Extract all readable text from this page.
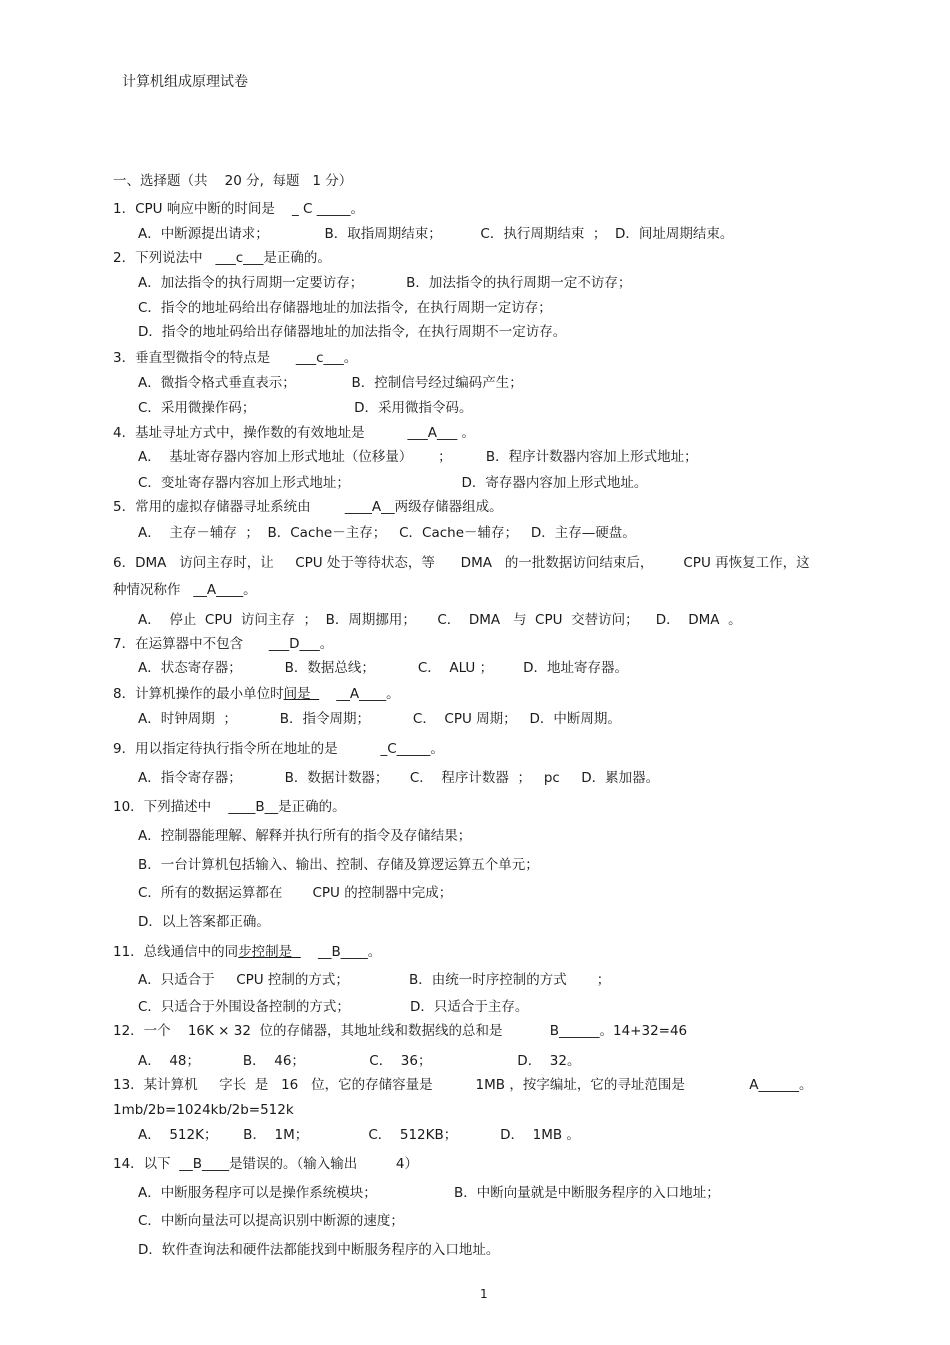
计算机组成原理试卷
一、选择题（共    20 分,  每题   1 分）
1．CPU 响应中断的时间是    _ C _____。
A．中断源提出请求；             B．取指周期结束；         C．执行周期结束  ；  D．间址周期结束。
2．下列说法中   ___c___是正确的。
A．加法指令的执行周期一定要访存；          B．加法指令的执行周期一定不访存；
C．指令的地址码给出存储器地址的加法指令,  在执行周期一定访存；
D．指令的地址码给出存储器地址的加法指令,  在执行周期不一定访存。
3．垂直型微指令的特点是      ___c___。
A．微指令格式垂直表示；             B．控制信号经过编码产生；
C．采用微操作码；                       D．采用微指令码。
4．基址寻址方式中，操作数的有效地址是          ___A___ 。
A．  基址寄存器内容加上形式地址（位移量）      ；        B．程序计数器内容加上形式地址；
C．变址寄存器内容加上形式地址；                          D．寄存器内容加上形式地址。
5．常用的虚拟存储器寻址系统由        ____A__两级存储器组成。
A．  主存－辅存  ；  B．Cache－主存；   C．Cache－辅存；   D．主存—硬盘。
6．DMA   访问主存时，让     CPU 处于等待状态，等      DMA   的一批数据访问结束后，       CPU 再恢复工作，这
种情况称作   __A____。
A．  停止  CPU  访问主存  ；  B．周期挪用；     C．  DMA   与  CPU  交替访问；    D．  DMA  。
7．在运算器中不包含      ___D___。
A．状态寄存器；          B．数据总线；          C．  ALU ；       D．地址寄存器。
8．计算机操作的最小单位时间是      __A____。
A．时钟周期  ；          B．指令周期；          C．  CPU 周期；   D．中断周期。
9．用以指定待执行指令所在地址的是          _C_____。
A．指令寄存器；          B．数据计数器；     C．  程序计数器  ；   pc     D．累加器。
10．下列描述中    ____B__是正确的。
A．控制器能理解、解释并执行所有的指令及存储结果；
B．一台计算机包括输入、输出、控制、存储及算逻运算五个单元；
C．所有的数据运算都在       CPU 的控制器中完成；
D．以上答案都正确。
11．总线通信中的同步控制是      __B____。
A．只适合于     CPU 控制的方式；              B．由统一时序控制的方式       ；
C．只适合于外围设备控制的方式；              D．只适合于主存。
12．一个    16K × 32  位的存储器，其地址线和数据线的总和是           B______。14+32=46
A．  48；          B．  46；               C．  36；                    D．  32。
13．某计算机     字长  是   16   位，它的存储容量是          1MB ，按字编址，它的寻址范围是               A______。
1mb/2b=1024kb/2b=512k
A．  512K；      B．  1M；              C．  512KB；          D．  1MB 。
14．以下  __B____是错误的。（输入输出         4）
A．中断服务程序可以是操作系统模块；                  B．中断向量就是中断服务程序的入口地址；
C．中断向量法可以提高识别中断源的速度；
D．软件查询法和硬件法都能找到中断服务程序的入口地址。
1
